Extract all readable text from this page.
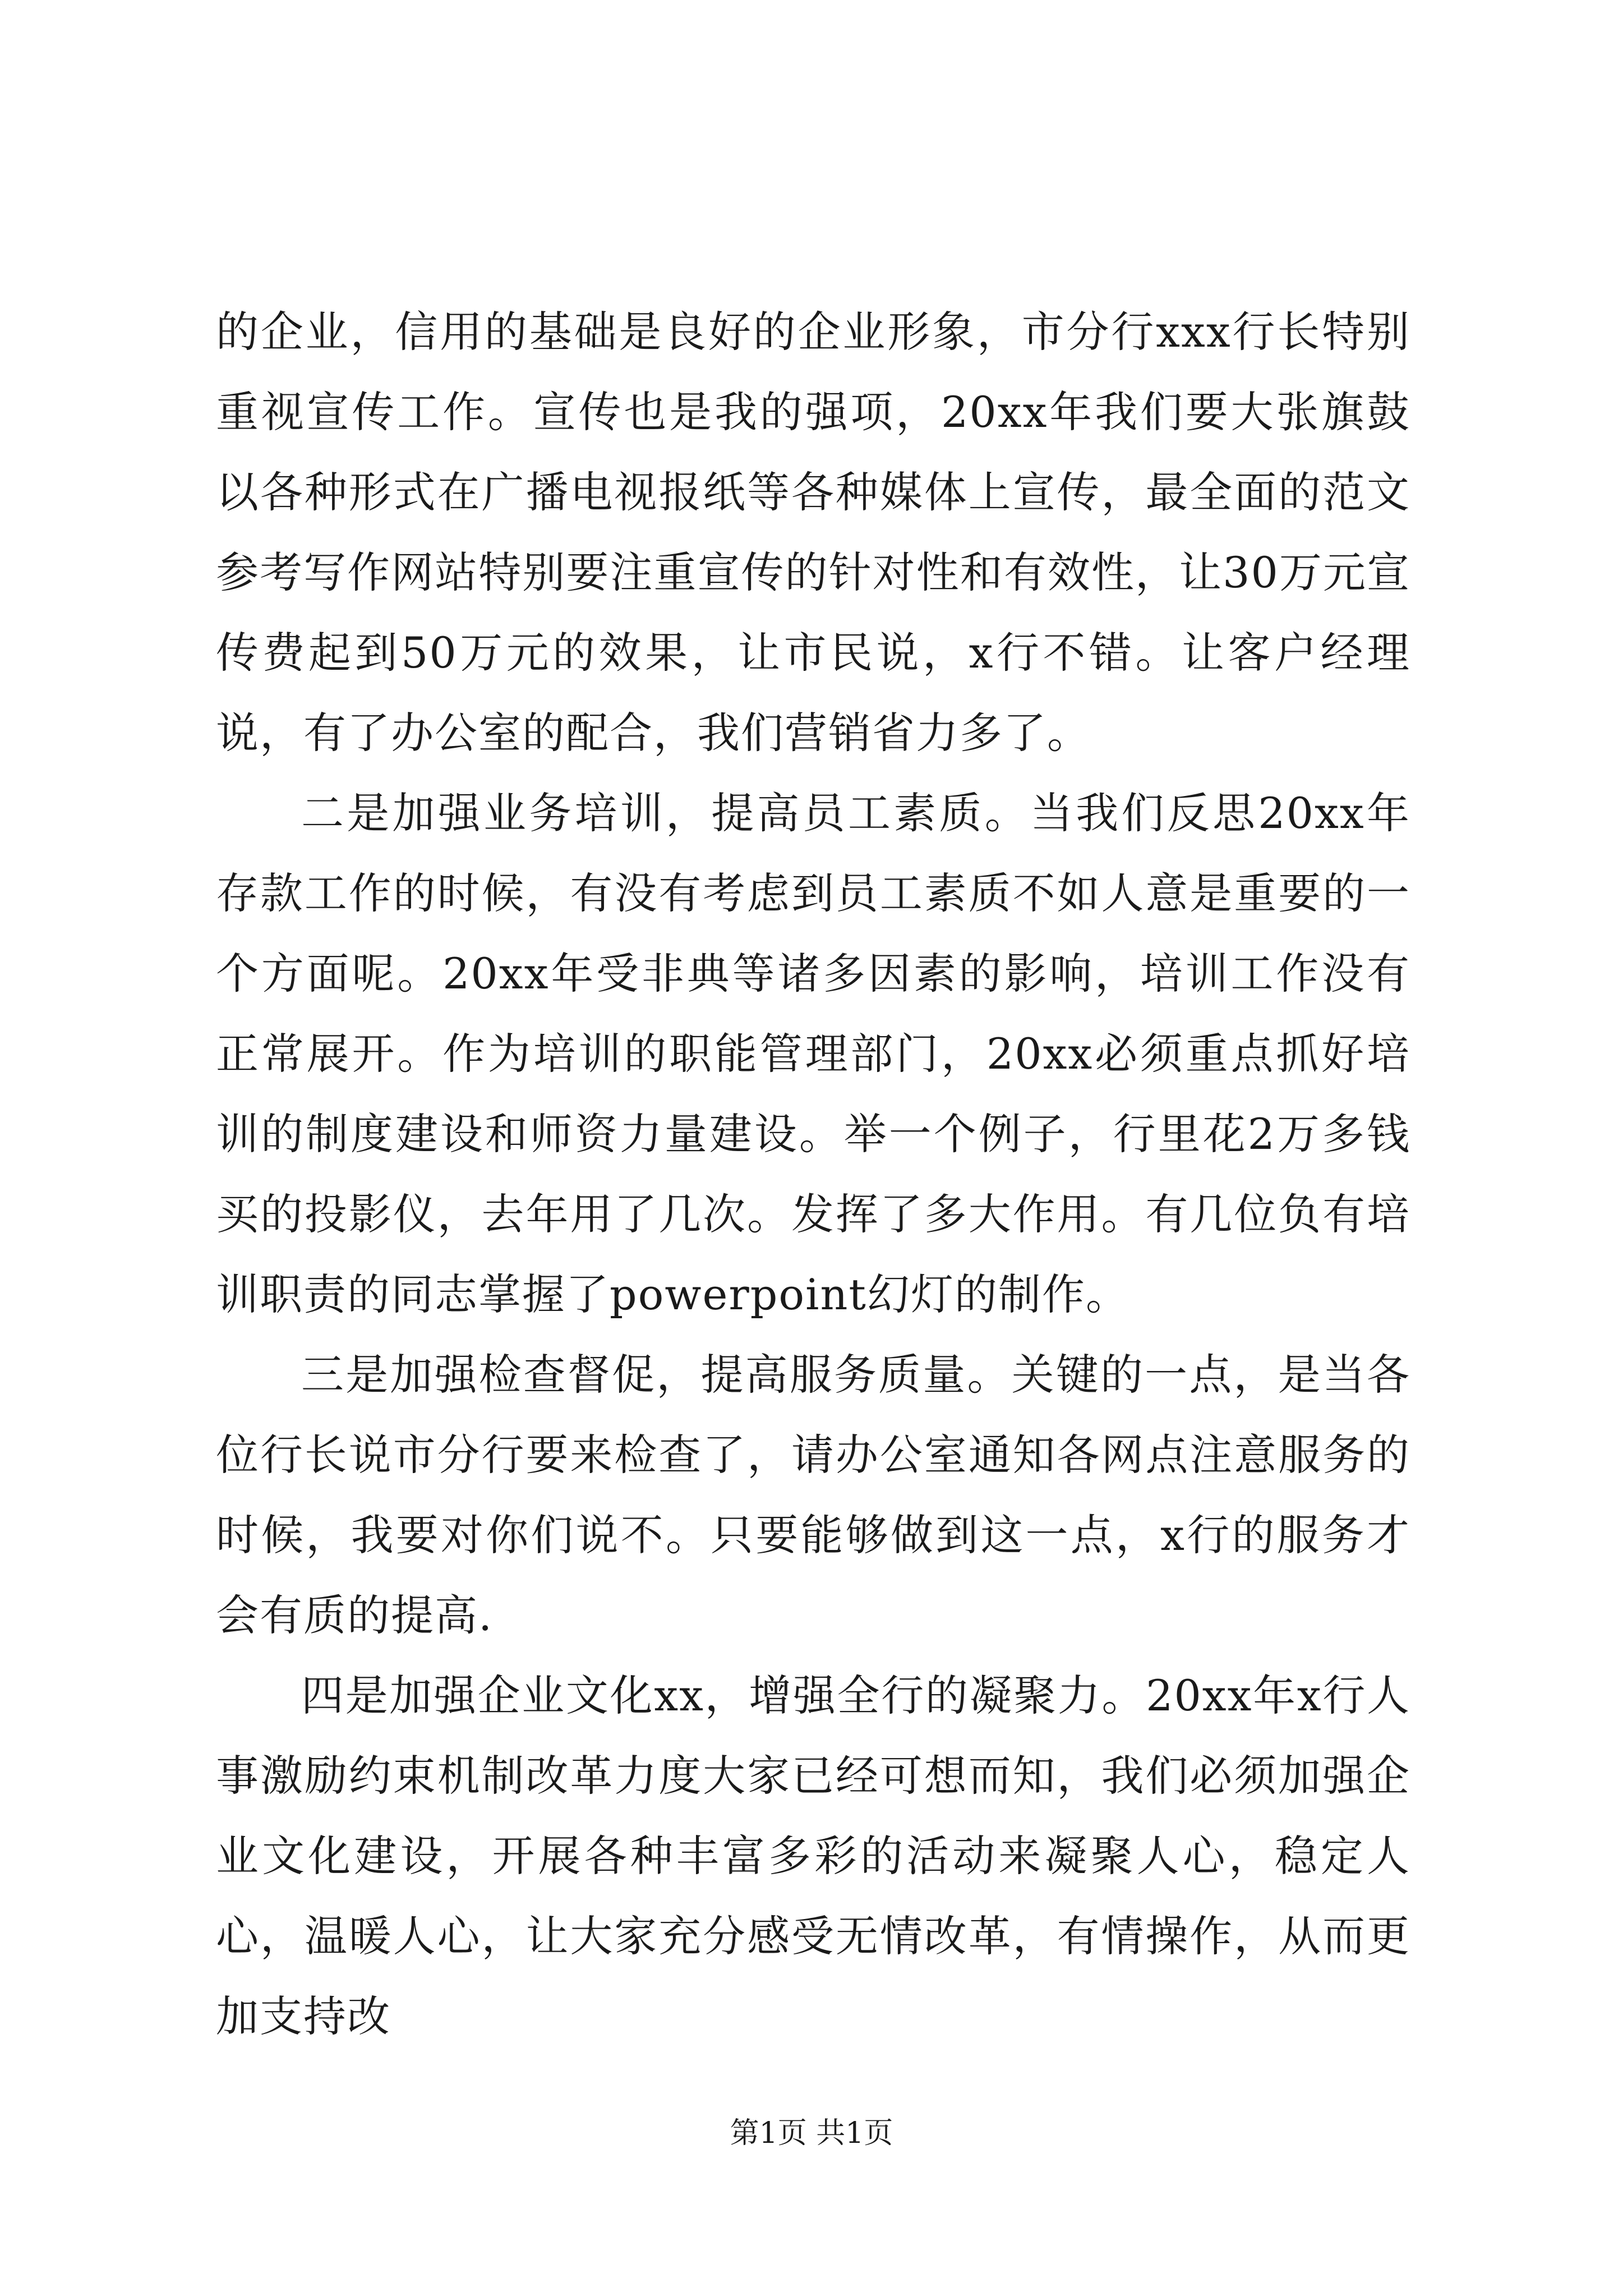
的企业，信用的基础是良好的企业形象，市分行xxx行长特别重视宣传工作。宣传也是我的强项，20xx年我们要大张旗鼓以各种形式在广播电视报纸等各种媒体上宣传，最全面的范文参考写作网站特别要注重宣传的针对性和有效性，让30万元宣传费起到50万元的效果，让市民说，x行不错。让客户经理说，有了办公室的配合，我们营销省力多了。

二是加强业务培训，提高员工素质。当我们反思20xx年存款工作的时候，有没有考虑到员工素质不如人意是重要的一个方面呢。20xx年受非典等诸多因素的影响，培训工作没有正常展开。作为培训的职能管理部门，20xx必须重点抓好培训的制度建设和师资力量建设。举一个例子，行里花2万多钱买的投影仪，去年用了几次。发挥了多大作用。有几位负有培训职责的同志掌握了powerpoint幻灯的制作。

三是加强检查督促，提高服务质量。关键的一点，是当各位行长说市分行要来检查了，请办公室通知各网点注意服务的时候，我要对你们说不。只要能够做到这一点，x行的服务才会有质的提高.

四是加强企业文化xx，增强全行的凝聚力。20xx年x行人事激励约束机制改革力度大家已经可想而知，我们必须加强企业文化建设，开展各种丰富多彩的活动来凝聚人心，稳定人心，温暖人心，让大家充分感受无情改革，有情操作，从而更加支持改

第1页 共1页
